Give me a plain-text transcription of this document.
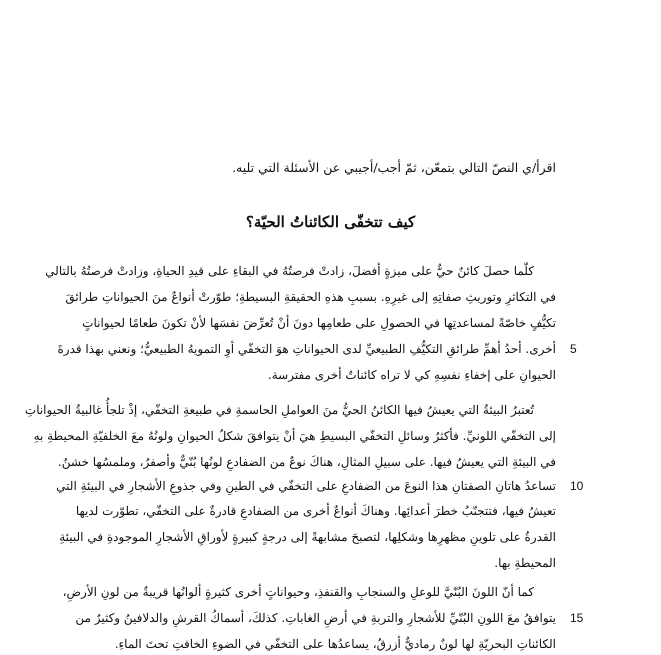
اقرأ/ي النصّ التالي بتمعّن، ثمّ أجب/أجيبي عن الأسئلة التي تليه.
كيف تتخفّى الكائناتُ الحيّة؟
كلّما حصلَ كائنٌ حيٌّ على ميزةٍ أفضلَ، زادتْ فرصتُهُ في البقاءِ على قيدِ الحياةِ، وزادتْ فرصتُهُ بالتالي
في التكاثرِ وتوريثِ صفاتِهِ إلى غيرِهِ. بسببِ هذهِ الحقيقةِ البسيطةِ؛ طوّرتْ أنواعٌ منَ الحيواناتِ طرائقَ
تكيُّفٍ خاصّةً لمساعدتِها في الحصولِ على طعامِها دونَ أنْ تُعرِّضَ نفسَها لأنْ تكونَ طعامًا لحيواناتٍ
أخرى. أحدُ أهمِّ طرائقِ التكيُّفِ الطبيعيِّ لدى الحيواناتِ هوَ التخفّي أوِ التمويهُ الطبيعيُّ؛ ونعني بهذا قدرةَ 5
الحيوانِ على إخفاءِ نفسِهِ كي لا تراه كائناتٌ أخرى مفترسة.
تُعتبرُ البيئةُ التي يعيشُ فيها الكائنُ الحيُّ منَ العواملِ الحاسمةِ في طبيعةِ التخفّي، إذْ تلجأُ غالبيةُ الحيواناتِ
إلى التخفّي اللونيِّ. فأكثرُ وسائلِ التخفّي البسيطِ هيَ أنْ يتوافقَ شكلُ الحيوانِ ولونُهُ معَ الخلفيّةِ المحيطةِ بهِ
في البيئةِ التي يعيشُ فيها. على سبيلِ المثالِ، هناكَ نوعٌ من الضفادعِ لونُها بُنّيٌّ وأصفرُ، وملمسُها خشنٌ.
تساعدُ هاتانِ الصفتانِ هذا النوعَ من الضفادعِ على التخفّي في الطينِ وفي جذوعِ الأشجارِ في البيئةِ التي 10
تعيشُ فيها، فتتجنّبُ خطرَ أعدائِها. وهناكَ أنواعٌ أخرى من الضفادعِ قادرةٌ على التخفّي، تطوّرت لديها
القدرةُ على تلوينِ مظهرِها وشكلِها، لتصبحَ مشابهةً إلى درجةٍ كبيرةٍ لأوراقِ الأشجارِ الموجودةِ في البيئةِ
المحيطةِ بها.
كما أنّ اللونَ البُنّيَّ للوعلِ والسنجابِ والقنفذِ، وحيواناتٍ أخرى كثيرةٍ ألوانُها قريبةٌ من لونِ الأرضِ،
يتوافقُ معَ اللونِ البُنّيِّ للأشجارِ والتربةِ في أرضِ الغاباتِ. كذلكَ، أسماكُ القرشِ والدلافينُ وكثيرٌ من 15
الكائناتِ البحريّةِ لها لونٌ رماديٌّ أزرقُ، يساعدُها على التخفّي في الضوءِ الخافتِ تحتَ الماءِ.
